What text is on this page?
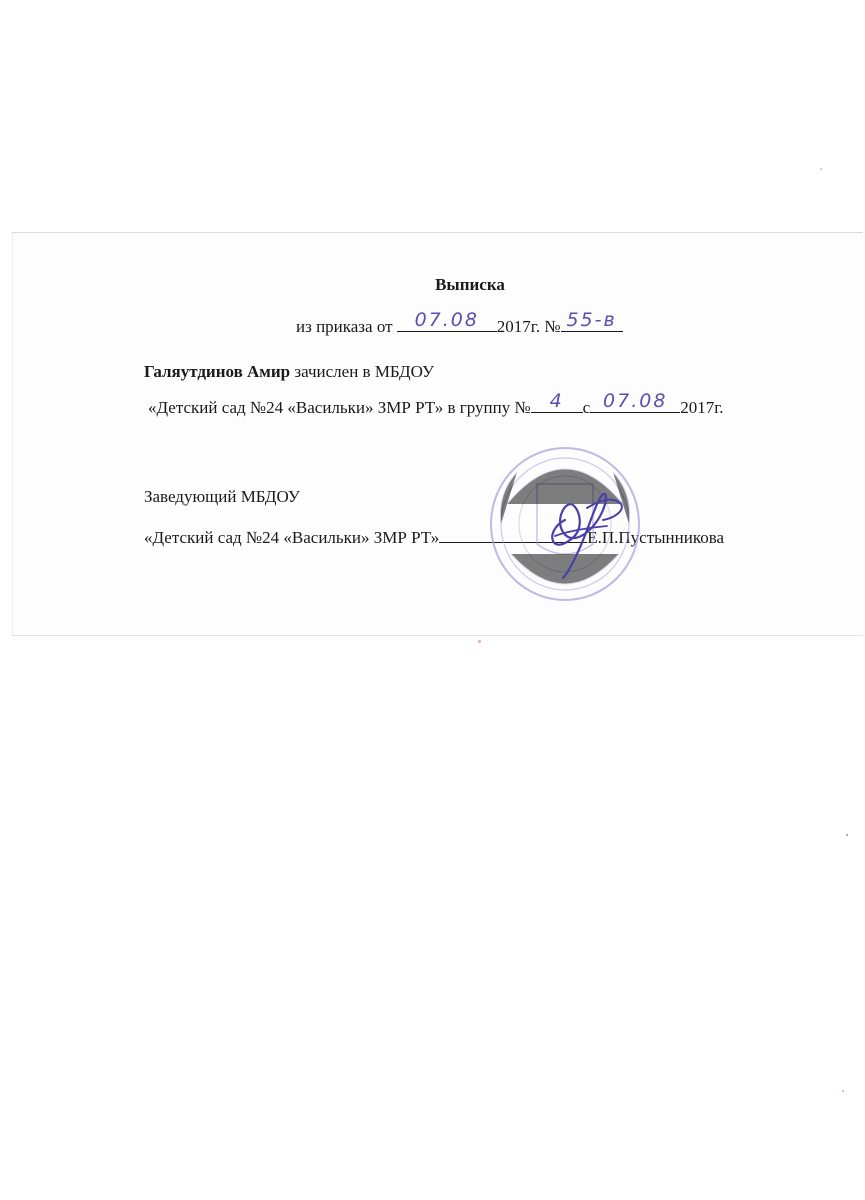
Выписка
из приказа от	07.08	2017г. № 55-в
Галяутдинов Амир зачислен в МБДОУ
«Детский сад №24 «Васильки» ЗМР РТ» в группу № 4	с 07.08 2017г.
Заведующий МБДОУ
«Детский сад №24 «Васильки» ЗМР РТ»	Е.П.Пустынникова
